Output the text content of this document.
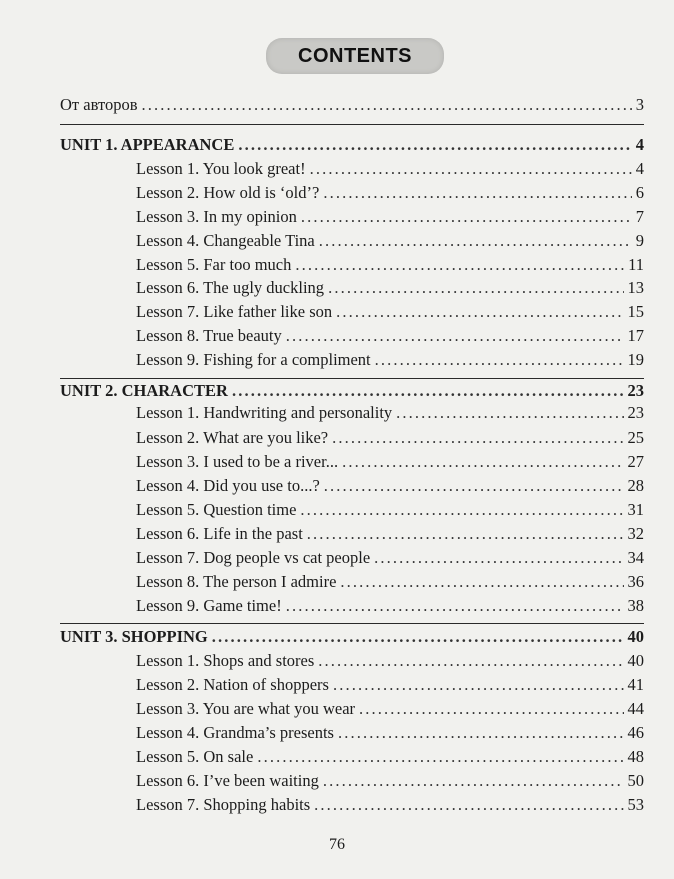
CONTENTS
От авторов . . .	3
UNIT 1. APPEARANCE . . .	4
Lesson 1. You look great! . . .	4
Lesson 2. How old is ‘old’? . . .	6
Lesson 3. In my opinion . . .	7
Lesson 4. Changeable Tina . . .	9
Lesson 5. Far too much . . .	11
Lesson 6. The ugly duckling . . .	13
Lesson 7. Like father like son . . .	15
Lesson 8. True beauty . . .	17
Lesson 9. Fishing for a compliment . . .	19
UNIT 2. CHARACTER . . .	23
Lesson 1. Handwriting and personality . . .	23
Lesson 2. What are you like? . . .	25
Lesson 3. I used to be a river... . . .	27
Lesson 4. Did you use to...? . . .	28
Lesson 5. Question time . . .	31
Lesson 6. Life in the past . . .	32
Lesson 7. Dog people vs cat people . . .	34
Lesson 8. The person I admire . . .	36
Lesson 9. Game time! . . .	38
UNIT 3. SHOPPING . . .	40
Lesson 1. Shops and stores . . .	40
Lesson 2. Nation of shoppers . . .	41
Lesson 3. You are what you wear . . .	44
Lesson 4. Grandma’s presents . . .	46
Lesson 5. On sale . . .	48
Lesson 6. I’ve been waiting . . .	50
Lesson 7. Shopping habits . . .	53
76
